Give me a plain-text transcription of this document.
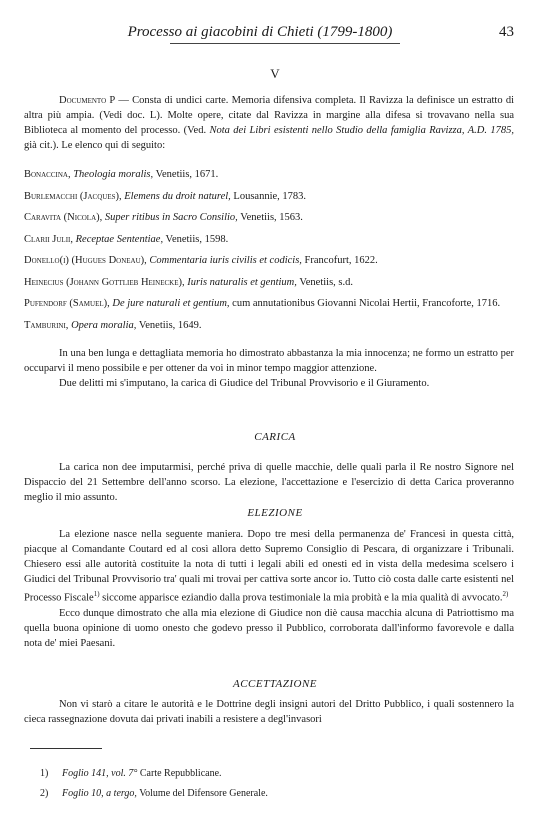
Processo ai giacobini di Chieti (1799-1800)	43
V

Documento P — Consta di undici carte. Memoria difensiva completa. Il Ravizza la definisce un estratto di altra più ampia. (Vedi doc. L). Molte opere, citate dal Ravizza in margine alla difesa si trovavano nella sua Biblioteca al momento del processo. (Ved. Nota dei Libri esistenti nello Studio della famiglia Ravizza, A.D. 1785, già cit.). Le elenco qui di seguito:

Bonaccina, Theologia moralis, Venetiis, 1671.

Burlemacchi (Jacques), Elemens du droit naturel, Lousannie, 1783.

Caravita (Nicola), Super ritibus in Sacro Consilio, Venetiis, 1563.

Clarii Julii, Receptae Sententiae, Venetiis, 1598.

Donello(i) (Hugues Doneau), Commentaria iuris civilis et codicis, Francofurt, 1622.

Heinecius (Johann Gottlieb Heinecke), Iuris naturalis et gentium, Venetiis, s.d.

Pufendorf (Samuel), De jure naturali et gentium, cum annutationibus Giovanni Nicolai Hertii, Francoforte, 1716.

Tamburini, Opera moralia, Venetiis, 1649.

In una ben lunga e dettagliata memoria ho dimostrato abbastanza la mia innocenza; ne formo un estratto per occuparvi il meno possibile e per ottener da voi in minor tempo maggior attenzione.

Due delitti mi s'imputano, la carica di Giudice del Tribunal Provvisorio e il Giuramento.

CARICA

La carica non dee imputarmisi, perché priva di quelle macchie, delle quali parla il Re nostro Signore nel Dispaccio del 21 Settembre dell'anno scorso. La elezione, l'accettazione e l'esercizio di detta Carica proveranno meglio il mio assunto.

ELEZIONE

La elezione nasce nella seguente maniera. Dopo tre mesi della permanenza de' Francesi in questa città, piacque al Comandante Coutard ed al così allora detto Supremo Consiglio di Pescara, di organizzare i Tribunali. Chiesero essi alle autorità costituite la nota di tutti i legali abili ed onesti ed in vista della medesima scelsero i Giudici del Tribunal Provvisorio tra' quali mi trovai per cattiva sorte ancor io. Tutto ciò costa dalle carte esistenti nel Processo Fiscale$^{1)}$ siccome apparisce eziandio dalla prova testimoniale la mia probità e la mia qualità di avvocato.$^{2)}$

Ecco dunque dimostrato che alla mia elezione di Giudice non diè causa macchia alcuna di Patriottismo ma quella buona opinione di uomo onesto che godevo presso il Pubblico, corroborata dall'informo favorevole e dalla nota de' miei Paesani.

ACCETTAZIONE

Non vi starò a citare le autorità e le Dottrine degli insigni autori del Dritto Pubblico, i quali sostennero la cieca rassegnazione dovuta dai privati inabili a resistere a degl'invasori

1) Foglio 141, vol. 7° Carte Repubblicane.
2) Foglio 10, a tergo, Volume del Difensore Generale.
